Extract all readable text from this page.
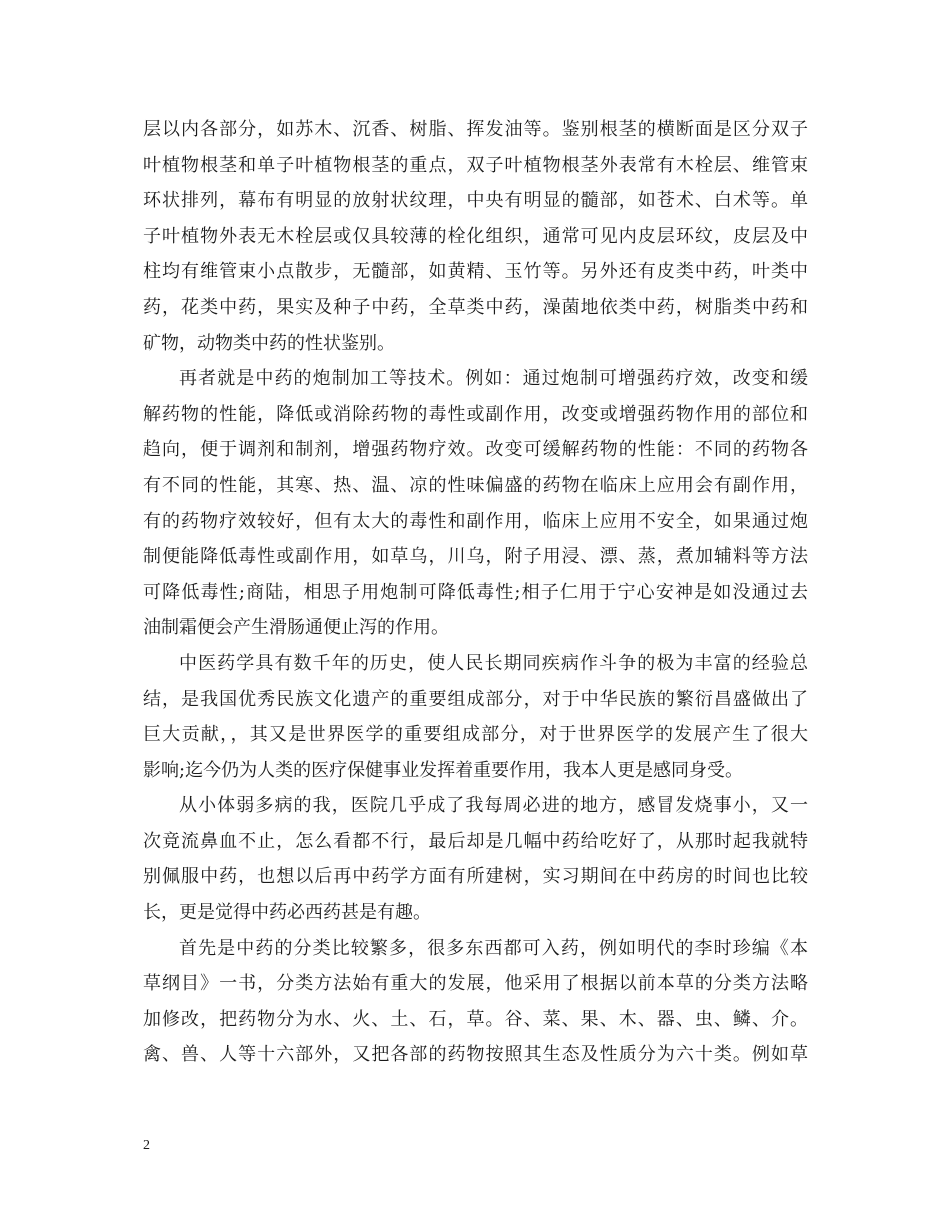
层以内各部分，如苏木、沉香、树脂、挥发油等。鉴别根茎的横断面是区分双子
叶植物根茎和单子叶植物根茎的重点，双子叶植物根茎外表常有木栓层、维管束
环状排列，幕布有明显的放射状纹理，中央有明显的髓部，如苍术、白术等。单
子叶植物外表无木栓层或仅具较薄的栓化组织，通常可见内皮层环纹，皮层及中
柱均有维管束小点散步，无髓部，如黄精、玉竹等。另外还有皮类中药，叶类中
药，花类中药，果实及种子中药，全草类中药，澡菌地依类中药，树脂类中药和
矿物，动物类中药的性状鉴别。
再者就是中药的炮制加工等技术。例如：通过炮制可增强药疗效，改变和缓
解药物的性能，降低或消除药物的毒性或副作用，改变或增强药物作用的部位和
趋向，便于调剂和制剂，增强药物疗效。改变可缓解药物的性能：不同的药物各
有不同的性能，其寒、热、温、凉的性味偏盛的药物在临床上应用会有副作用，
有的药物疗效较好，但有太大的毒性和副作用，临床上应用不安全，如果通过炮
制便能降低毒性或副作用，如草乌，川乌，附子用浸、漂、蒸，煮加辅料等方法
可降低毒性;商陆，相思子用炮制可降低毒性;相子仁用于宁心安神是如没通过去
油制霜便会产生滑肠通便止泻的作用。
中医药学具有数千年的历史，使人民长期同疾病作斗争的极为丰富的经验总
结，是我国优秀民族文化遗产的重要组成部分，对于中华民族的繁衍昌盛做出了
巨大贡献，，其又是世界医学的重要组成部分，对于世界医学的发展产生了很大
影响;迄今仍为人类的医疗保健事业发挥着重要作用，我本人更是感同身受。
从小体弱多病的我，医院几乎成了我每周必进的地方，感冒发烧事小，又一
次竟流鼻血不止，怎么看都不行，最后却是几幅中药给吃好了，从那时起我就特
别佩服中药，也想以后再中药学方面有所建树，实习期间在中药房的时间也比较
长，更是觉得中药必西药甚是有趣。
首先是中药的分类比较繁多，很多东西都可入药，例如明代的李时珍编《本
草纲目》一书，分类方法始有重大的发展，他采用了根据以前本草的分类方法略
加修改，把药物分为水、火、土、石，草。谷、菜、果、木、器、虫、鳞、介。
禽、兽、人等十六部外，又把各部的药物按照其生态及性质分为六十类。例如草
2
